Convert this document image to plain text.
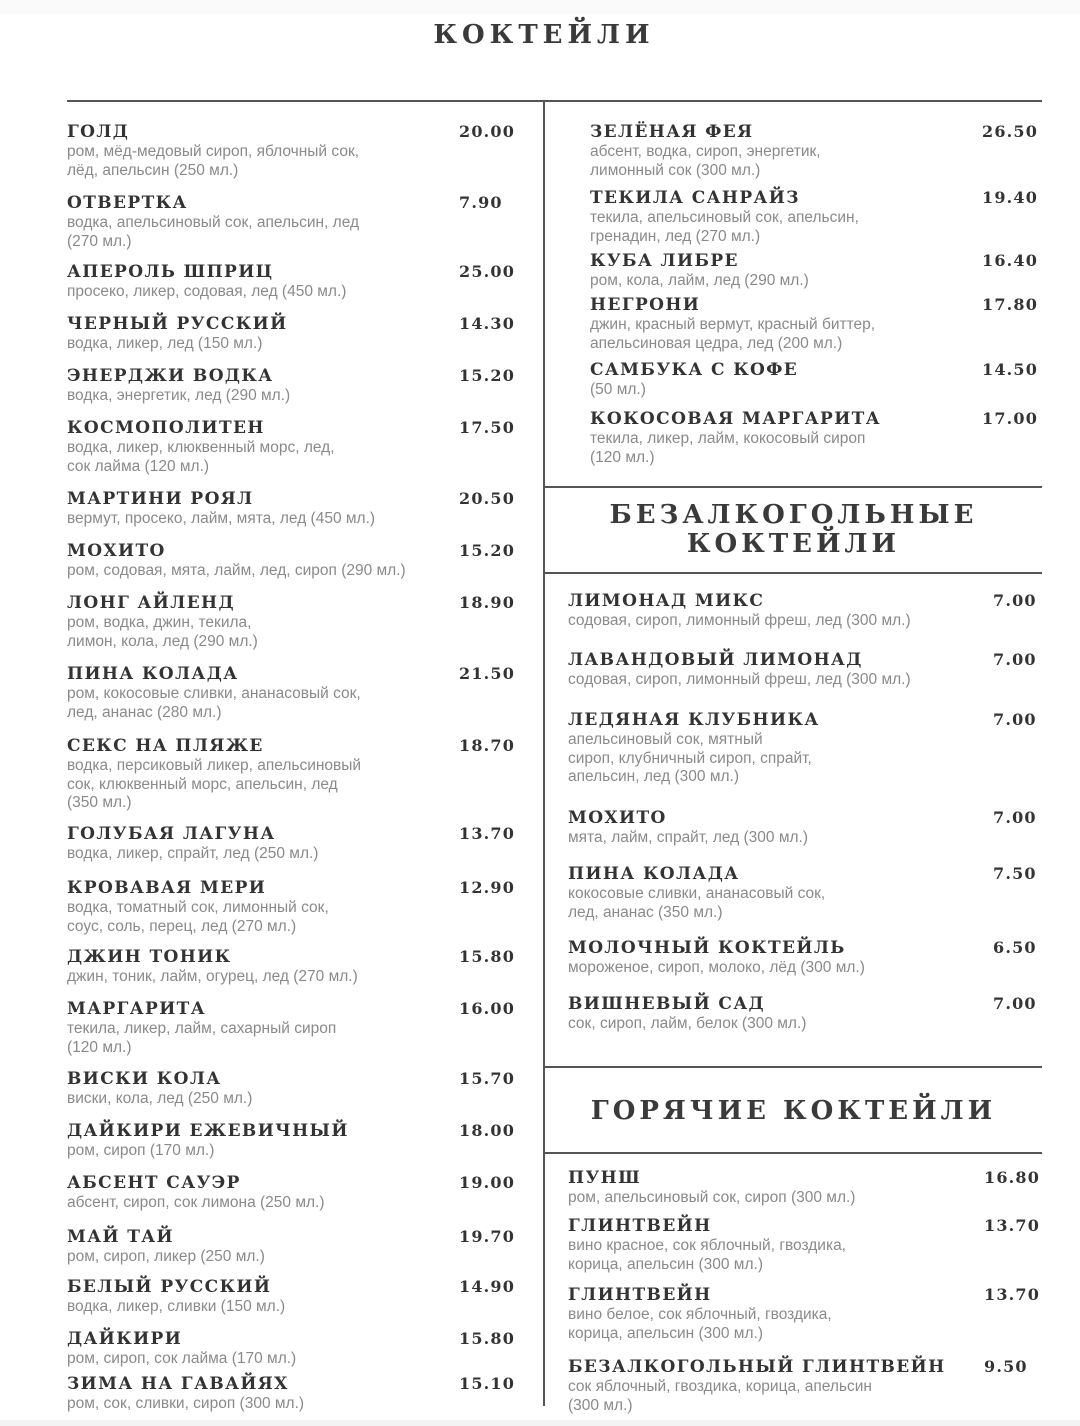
КОКТЕЙЛИ
БЕЗАЛКОГОЛЬНЫЕ
КОКТЕЙЛИ
ГОРЯЧИЕ КОКТЕЙЛИ
ГОЛД	20.00
ром, мёд-медовый сироп, яблочный сок,
лёд, апельсин (250 мл.)
ОТВЕРТКА	7.90
водка, апельсиновый сок, апельсин, лед
(270 мл.)
АПЕРОЛЬ ШПРИЦ	25.00
просеко, ликер, содовая, лед (450 мл.)
ЧЕРНЫЙ РУССКИЙ	14.30
водка, ликер, лед (150 мл.)
ЭНЕРДЖИ ВОДКА	15.20
водка, энергетик, лед (290 мл.)
КОСМОПОЛИТЕН	17.50
водка, ликер, клюквенный морс, лед,
сок лайма (120 мл.)
МАРТИНИ РОЯЛ	20.50
вермут, просеко, лайм, мята, лед (450 мл.)
МОХИТО	15.20
ром, содовая, мята, лайм, лед, сироп (290 мл.)
ЛОНГ АЙЛЕНД	18.90
ром, водка, джин, текила,
лимон, кола, лед (290 мл.)
ПИНА КОЛАДА	21.50
ром, кокосовые сливки, ананасовый сок,
лед, ананас (280 мл.)
СЕКС НА ПЛЯЖЕ	18.70
водка, персиковый ликер, апельсиновый
сок, клюквенный морс, апельсин, лед
(350 мл.)
ГОЛУБАЯ ЛАГУНА	13.70
водка, ликер, спрайт, лед (250 мл.)
КРОВАВАЯ МЕРИ	12.90
водка, томатный сок, лимонный сок,
соус, соль, перец, лед (270 мл.)
ДЖИН ТОНИК	15.80
джин, тоник, лайм, огурец, лед (270 мл.)
МАРГАРИТА	16.00
текила, ликер, лайм, сахарный сироп
(120 мл.)
ВИСКИ КОЛА	15.70
виски, кола, лед (250 мл.)
ДАЙКИРИ ЕЖЕВИЧНЫЙ	18.00
ром, сироп (170 мл.)
АБСЕНТ САУЭР	19.00
абсент, сироп, сок лимона (250 мл.)
МАЙ ТАЙ	19.70
ром, сироп, ликер (250 мл.)
БЕЛЫЙ РУССКИЙ	14.90
водка, ликер, сливки (150 мл.)
ДАЙКИРИ	15.80
ром, сироп, сок лайма (170 мл.)
ЗИМА НА ГАВАЙЯХ	15.10
ром, сок, сливки, сироп (300 мл.)
ЗЕЛЁНАЯ ФЕЯ	26.50
абсент, водка, сироп, энергетик,
лимонный сок (300 мл.)
ТЕКИЛА САНРАЙЗ	19.40
текила, апельсиновый сок, апельсин,
гренадин, лед (270 мл.)
КУБА ЛИБРЕ	16.40
ром, кола, лайм, лед (290 мл.)
НЕГРОНИ	17.80
джин, красный вермут, красный биттер,
апельсиновая цедра, лед (200 мл.)
САМБУКА С КОФЕ	14.50
(50 мл.)
КОКОСОВАЯ МАРГАРИТА	17.00
текила, ликер, лайм, кокосовый сироп
(120 мл.)
ЛИМОНАД МИКС	7.00
содовая, сироп, лимонный фреш, лед (300 мл.)
ЛАВАНДОВЫЙ ЛИМОНАД	7.00
содовая, сироп, лимонный фреш, лед (300 мл.)
ЛЕДЯНАЯ КЛУБНИКА	7.00
апельсиновый сок, мятный
сироп, клубничный сироп, спрайт,
апельсин, лед (300 мл.)
МОХИТО	7.00
мята, лайм, спрайт, лед (300 мл.)
ПИНА КОЛАДА	7.50
кокосовые сливки, ананасовый сок,
лед, ананас (350 мл.)
МОЛОЧНЫЙ КОКТЕЙЛЬ	6.50
мороженое, сироп, молоко, лёд (300 мл.)
ВИШНЕВЫЙ САД	7.00
сок, сироп, лайм, белок (300 мл.)
ПУНШ	16.80
ром, апельсиновый сок, сироп (300 мл.)
ГЛИНТВЕЙН	13.70
вино красное, сок яблочный, гвоздика,
корица, апельсин (300 мл.)
ГЛИНТВЕЙН	13.70
вино белое, сок яблочный, гвоздика,
корица, апельсин (300 мл.)
БЕЗАЛКОГОЛЬНЫЙ ГЛИНТВЕЙН 9.50
сок яблочный, гвоздика, корица, апельсин
(300 мл.)
